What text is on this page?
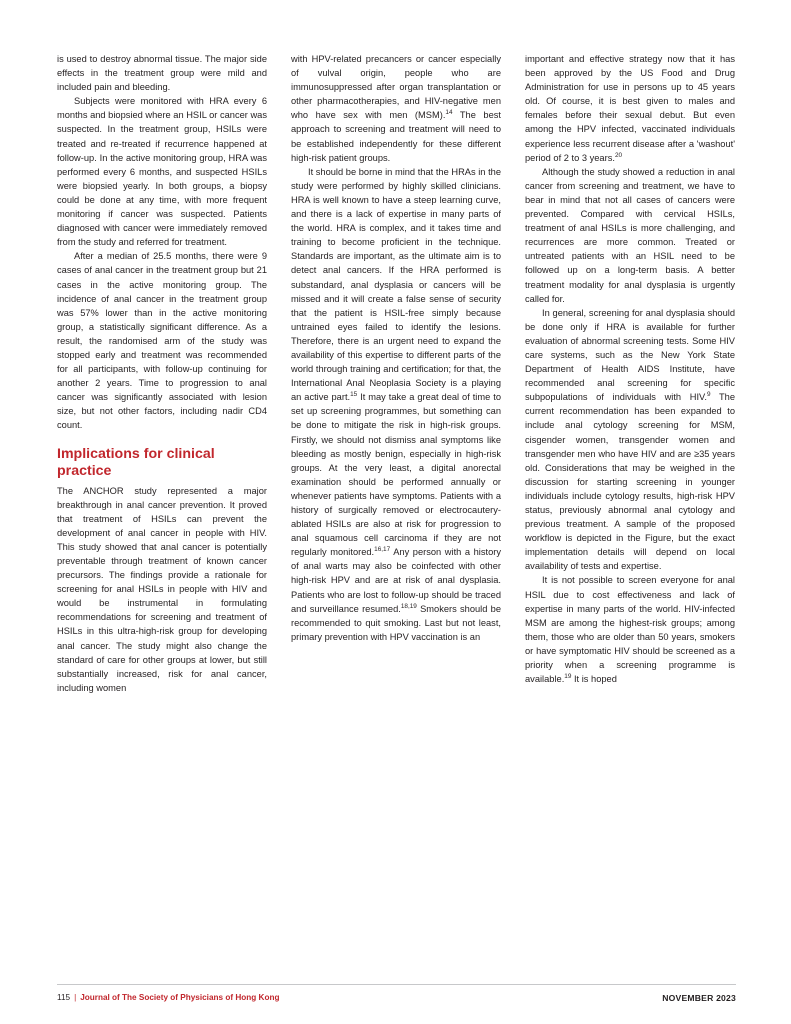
is used to destroy abnormal tissue. The major side effects in the treatment group were mild and included pain and bleeding.

Subjects were monitored with HRA every 6 months and biopsied where an HSIL or cancer was suspected. In the treatment group, HSILs were treated and re-treated if recurrence happened at follow-up. In the active monitoring group, HRA was performed every 6 months, and suspected HSILs were biopsied yearly. In both groups, a biopsy could be done at any time, with more frequent monitoring if cancer was suspected. Patients diagnosed with cancer were immediately removed from the study and referred for treatment.

After a median of 25.5 months, there were 9 cases of anal cancer in the treatment group but 21 cases in the active monitoring group. The incidence of anal cancer in the treatment group was 57% lower than in the active monitoring group, a statistically significant difference. As a result, the randomised arm of the study was stopped early and treatment was recommended for all participants, with follow-up continuing for another 2 years. Time to progression to anal cancer was significantly associated with lesion size, but not other factors, including nadir CD4 count.

Implications for clinical practice

The ANCHOR study represented a major breakthrough in anal cancer prevention. It proved that treatment of HSILs can prevent the development of anal cancer in people with HIV. This study showed that anal cancer is potentially preventable through treatment of known cancer precursors. The findings provide a rationale for screening for anal HSILs in people with HIV and would be instrumental in formulating recommendations for screening and treatment of HSILs in this ultra-high-risk group for developing anal cancer. The study might also change the standard of care for other groups at lower, but still substantially increased, risk for anal cancer, including women

with HPV-related precancers or cancer especially of vulval origin, people who are immunosuppressed after organ transplantation or other pharmacotherapies, and HIV-negative men who have sex with men (MSM).$^{14}$ The best approach to screening and treatment will need to be established independently for these different high-risk patient groups.

It should be borne in mind that the HRAs in the study were performed by highly skilled clinicians. HRA is well known to have a steep learning curve, and there is a lack of expertise in many parts of the world. HRA is complex, and it takes time and training to become proficient in the technique. Standards are important, as the ultimate aim is to detect anal cancers. If the HRA performed is substandard, anal dysplasia or cancers will be missed and it will create a false sense of security that the patient is HSIL-free simply because untrained eyes failed to identify the lesions. Therefore, there is an urgent need to expand the availability of this expertise to different parts of the world through training and certification; for that, the International Anal Neoplasia Society is a playing an active part.$^{15}$ It may take a great deal of time to set up screening programmes, but something can be done to mitigate the risk in high-risk groups. Firstly, we should not dismiss anal symptoms like bleeding as mostly benign, especially in high-risk groups. At the very least, a digital anorectal examination should be performed annually or whenever patients have symptoms. Patients with a history of surgically removed or electrocautery-ablated HSILs are also at risk for progression to anal squamous cell carcinoma if they are not regularly monitored.$^{16,17}$ Any person with a history of anal warts may also be coinfected with other high-risk HPV and are at risk of anal dysplasia. Patients who are lost to follow-up should be traced and surveillance resumed.$^{18,19}$ Smokers should be recommended to quit smoking. Last but not least, primary prevention with HPV vaccination is an

important and effective strategy now that it has been approved by the US Food and Drug Administration for use in persons up to 45 years old. Of course, it is best given to males and females before their sexual debut. But even among the HPV infected, vaccinated individuals experience less recurrent disease after a 'washout' period of 2 to 3 years.$^{20}$

Although the study showed a reduction in anal cancer from screening and treatment, we have to bear in mind that not all cases of cancers were prevented. Compared with cervical HSILs, treatment of anal HSILs is more challenging, and recurrences are more common. Treated or untreated patients with an HSIL need to be followed up on a long-term basis. A better treatment modality for anal dysplasia is urgently called for.

In general, screening for anal dysplasia should be done only if HRA is available for further evaluation of abnormal screening tests. Some HIV care systems, such as the New York State Department of Health AIDS Institute, have recommended anal screening for specific subpopulations of individuals with HIV.$^9$ The current recommendation has been expanded to include anal cytology screening for MSM, cisgender women, transgender women and transgender men who have HIV and are ≥35 years old. Considerations that may be weighed in the discussion for starting screening in younger individuals include cytology results, high-risk HPV status, previously abnormal anal cytology and previous treatment. A sample of the proposed workflow is depicted in the Figure, but the exact implementation details will depend on local availability of tests and expertise.

It is not possible to screen everyone for anal HSIL due to cost effectiveness and lack of expertise in many parts of the world. HIV-infected MSM are among the highest-risk groups; among them, those who are older than 50 years, smokers or have symptomatic HIV should be screened as a priority when a screening programme is available.$^{19}$ It is hoped

115 | Journal of The Society of Physicians of Hong Kong	NOVEMBER 2023
